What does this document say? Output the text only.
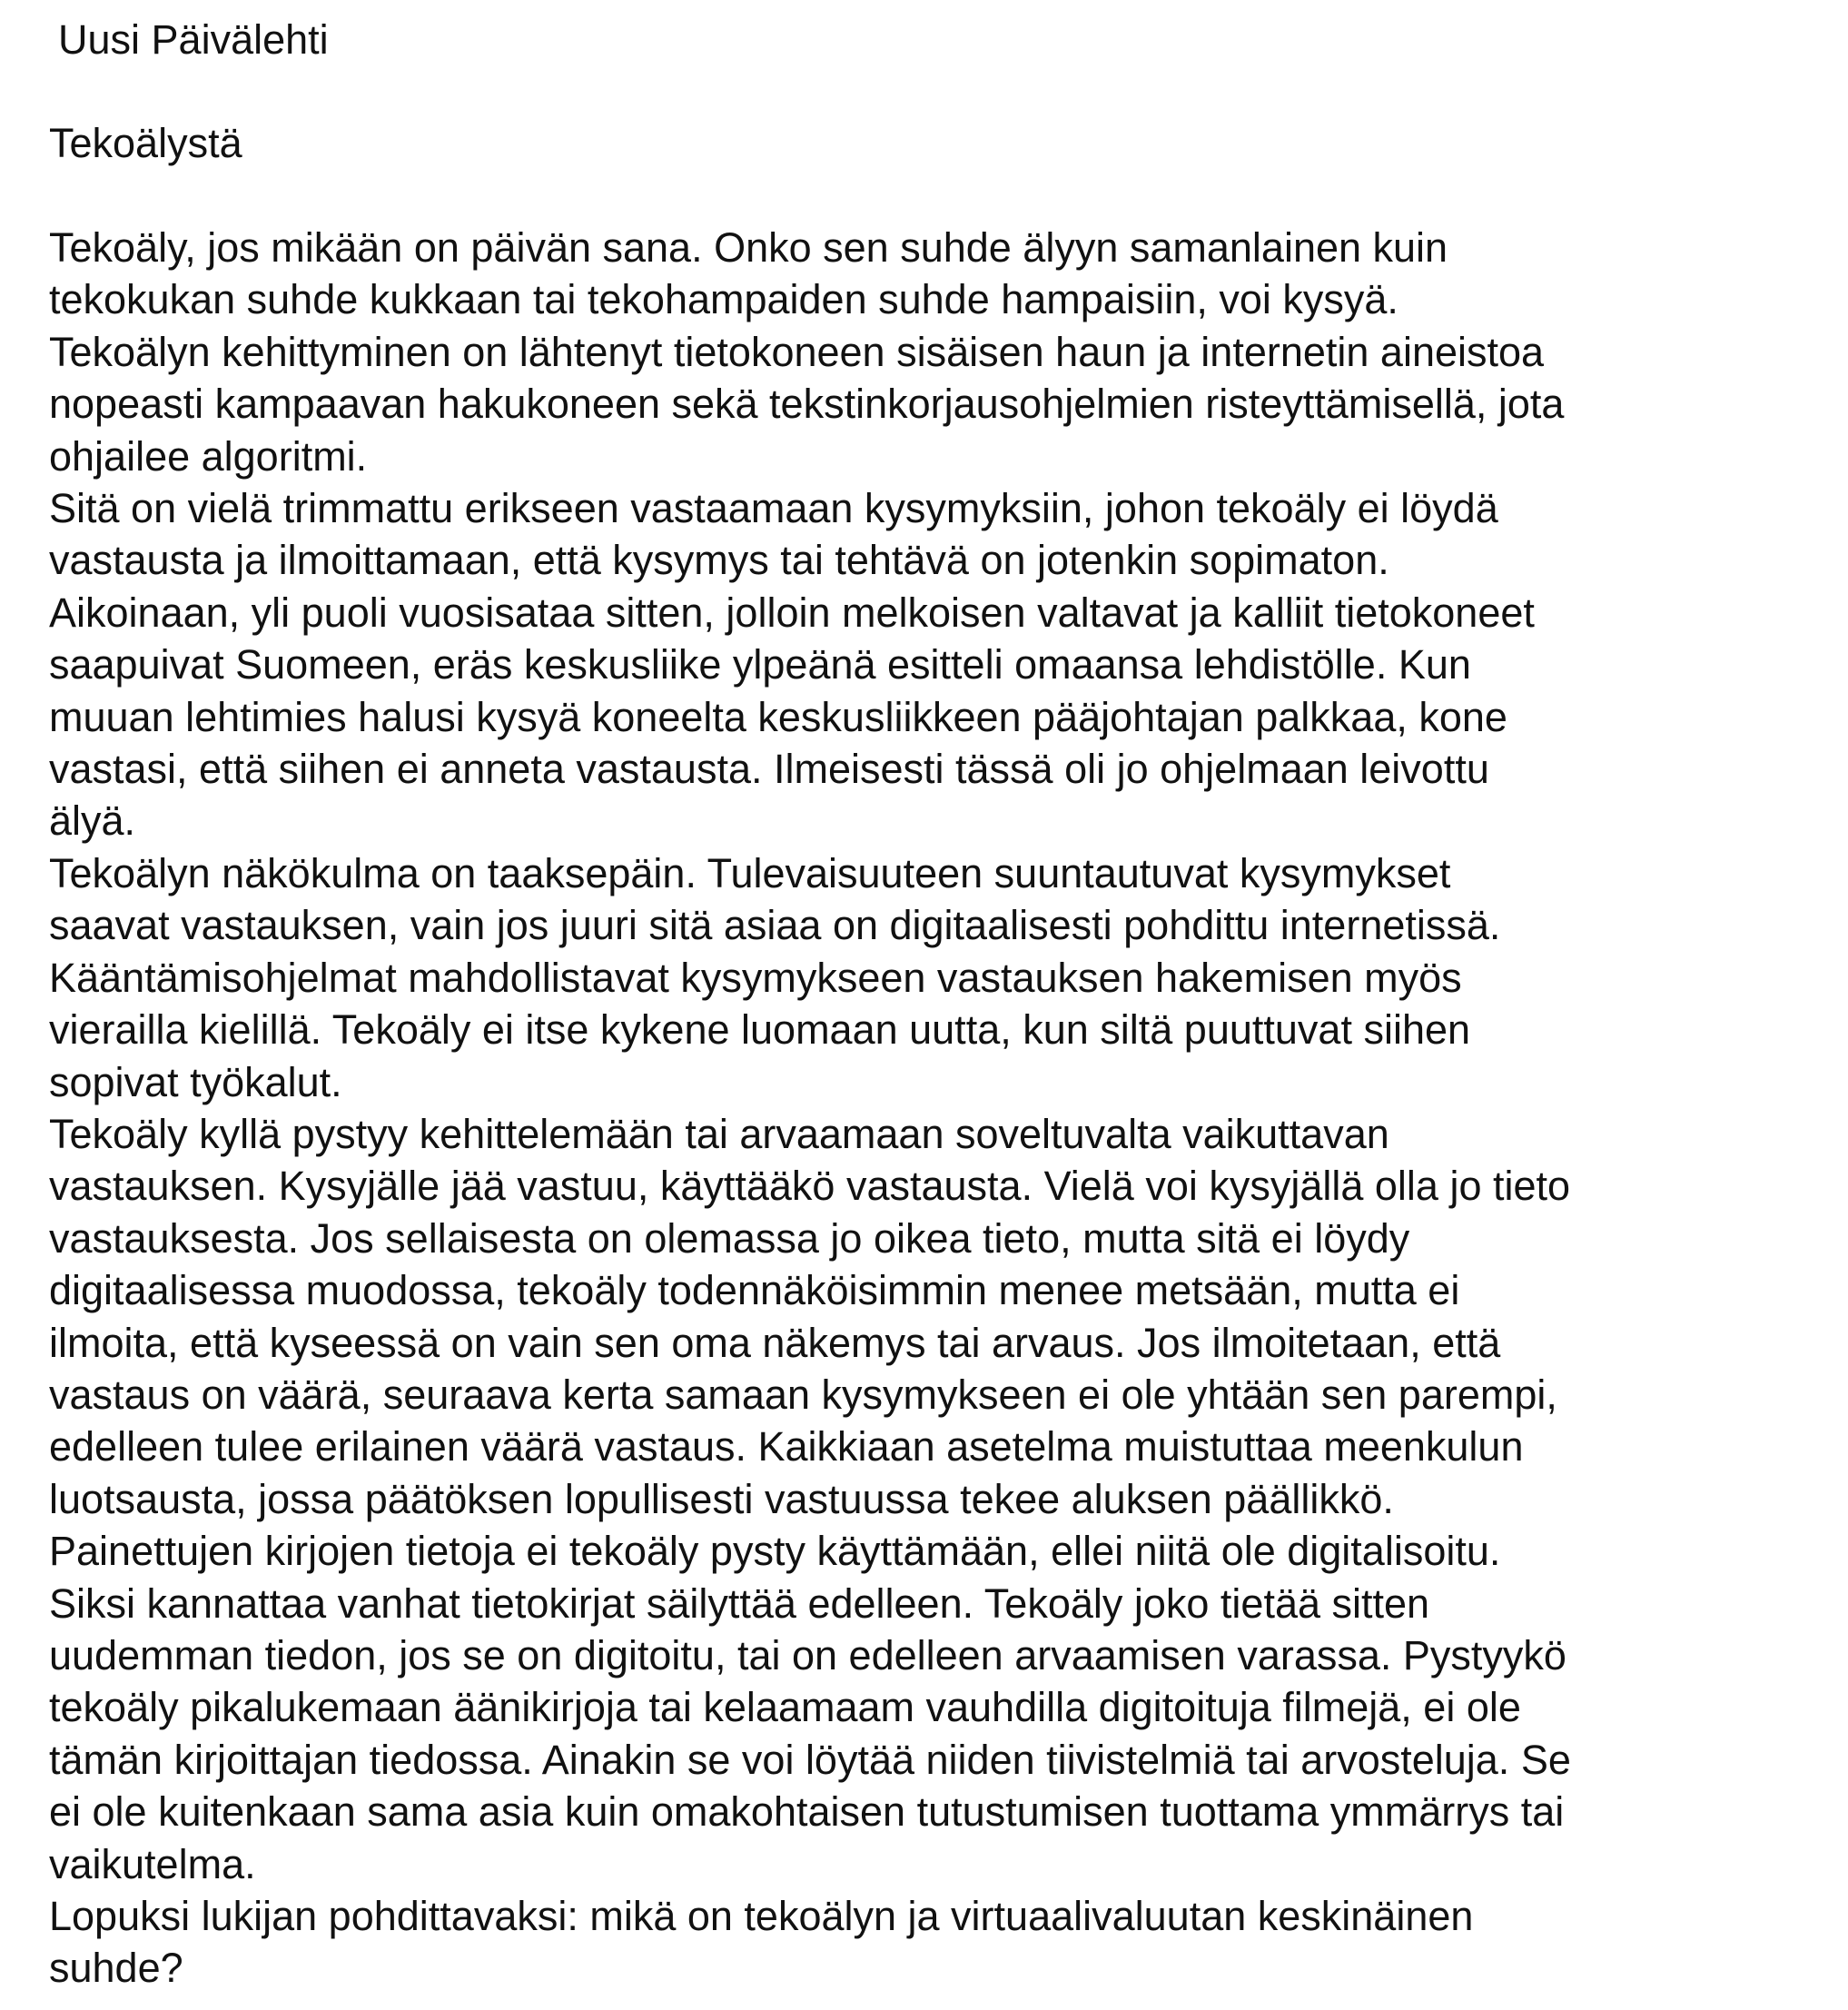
Uusi Päivälehti
Tekoälystä

Tekoäly, jos mikään on päivän sana. Onko sen suhde älyyn samanlainen kuin

tekokukan suhde kukkaan tai tekohampaiden suhde hampaisiin, voi kysyä.

Tekoälyn kehittyminen on lähtenyt tietokoneen sisäisen haun ja internetin aineistoa

nopeasti kampaavan hakukoneen sekä tekstinkorjausohjelmien risteyttämisellä, jota

ohjailee algoritmi.

Sitä on vielä trimmattu erikseen vastaamaan kysymyksiin, johon tekoäly ei löydä

vastausta ja ilmoittamaan, että kysymys tai tehtävä on jotenkin sopimaton.

Aikoinaan, yli puoli vuosisataa sitten, jolloin melkoisen valtavat ja kalliit tietokoneet

saapuivat Suomeen, eräs keskusliike ylpeänä esitteli omaansa lehdistölle. Kun

muuan lehtimies halusi kysyä koneelta keskusliikkeen pääjohtajan palkkaa, kone

vastasi, että siihen ei anneta vastausta. Ilmeisesti tässä oli jo ohjelmaan leivottu

älyä.

Tekoälyn näkökulma on taaksepäin. Tulevaisuuteen suuntautuvat kysymykset

saavat vastauksen, vain jos juuri sitä asiaa on digitaalisesti pohdittu internetissä.

Kääntämisohjelmat mahdollistavat kysymykseen vastauksen hakemisen myös

vierailla kielillä. Tekoäly ei itse kykene luomaan uutta, kun siltä puuttuvat siihen

sopivat työkalut.

Tekoäly kyllä pystyy kehittelemään tai arvaamaan soveltuvalta vaikuttavan

vastauksen. Kysyjälle jää vastuu, käyttääkö vastausta. Vielä voi kysyjällä olla jo tieto

vastauksesta. Jos sellaisesta on olemassa jo oikea tieto, mutta sitä ei löydy

digitaalisessa muodossa, tekoäly todennäköisimmin menee metsään, mutta ei

ilmoita, että kyseessä on vain sen oma näkemys tai arvaus. Jos ilmoitetaan, että

vastaus on väärä, seuraava kerta samaan kysymykseen ei ole yhtään sen parempi,

edelleen tulee erilainen väärä vastaus. Kaikkiaan asetelma muistuttaa meenkulun

luotsausta, jossa päätöksen lopullisesti vastuussa tekee aluksen päällikkö.

Painettujen kirjojen tietoja ei tekoäly pysty käyttämään, ellei niitä ole digitalisoitu.

Siksi kannattaa vanhat tietokirjat säilyttää edelleen. Tekoäly joko tietää sitten

uudemman tiedon, jos se on digitoitu, tai on edelleen arvaamisen varassa. Pystyykö

tekoäly pikalukemaan äänikirjoja tai kelaamaam vauhdilla digitoituja filmejä, ei ole

tämän kirjoittajan tiedossa. Ainakin se voi löytää niiden tiivistelmiä tai arvosteluja. Se

ei ole kuitenkaan sama asia kuin omakohtaisen tutustumisen tuottama ymmärrys tai

vaikutelma.

Lopuksi lukijan pohdittavaksi: mikä on tekoälyn ja virtuaalivaluutan keskinäinen

suhde?
